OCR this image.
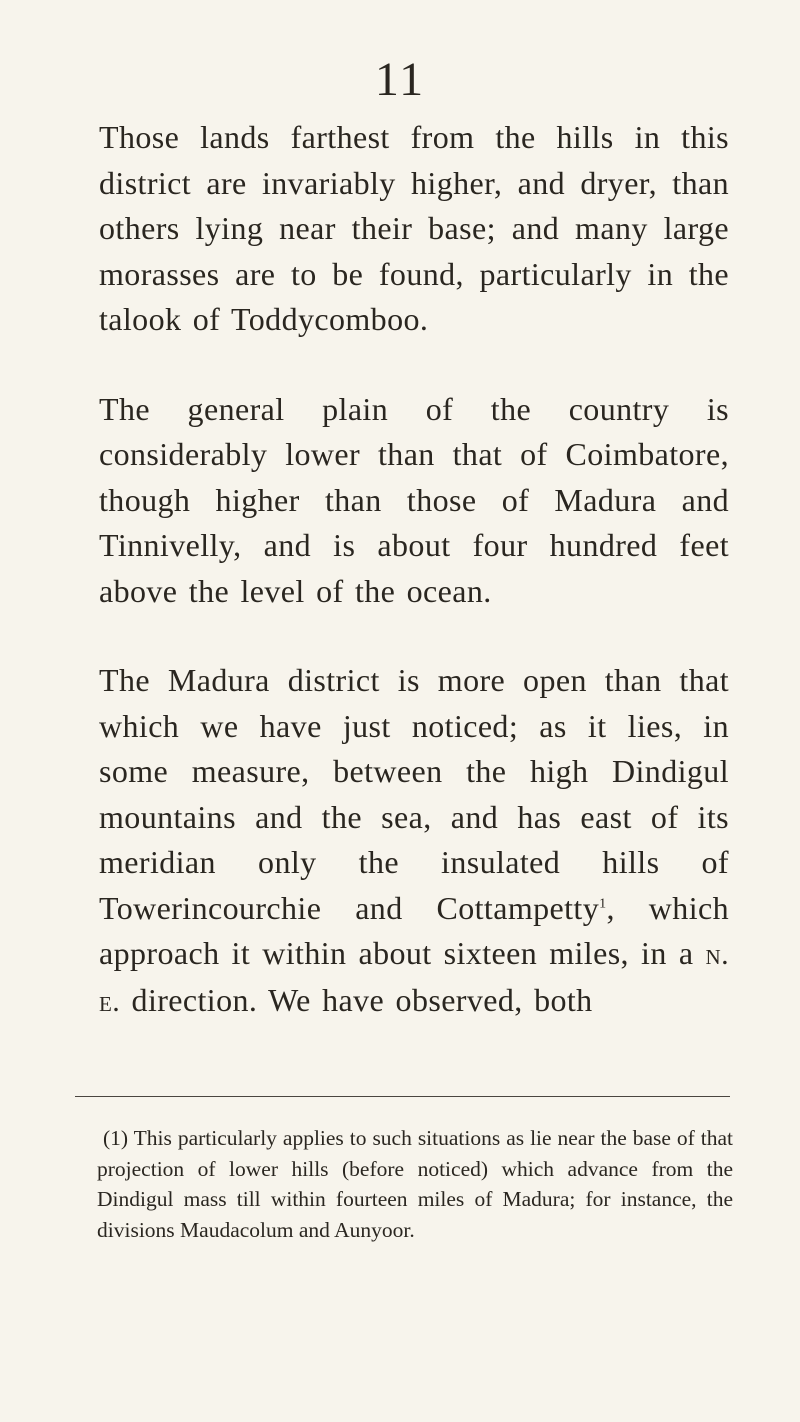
11

Those lands farthest from the hills in this district are invariably higher, and dryer, than others lying near their base; and many large morasses are to be found, particularly in the talook of Toddycomboo.

The general plain of the country is considerably lower than that of Coimbatore, though higher than those of Madura and Tinnivelly, and is about four hundred feet above the level of the ocean.

The Madura district is more open than that which we have just noticed; as it lies, in some measure, between the high Dindigul mountains and the sea, and has east of its meridian only the insulated hills of Towerincourchie and Cottampetty$^1$, which approach it within about sixteen miles, in a n. e. direction. We have observed, both

(1) This particularly applies to such situations as lie near the base of that projection of lower hills (before noticed) which advance from the Dindigul mass till within fourteen miles of Madura; for instance, the divisions Maudacolum and Aunyoor.
